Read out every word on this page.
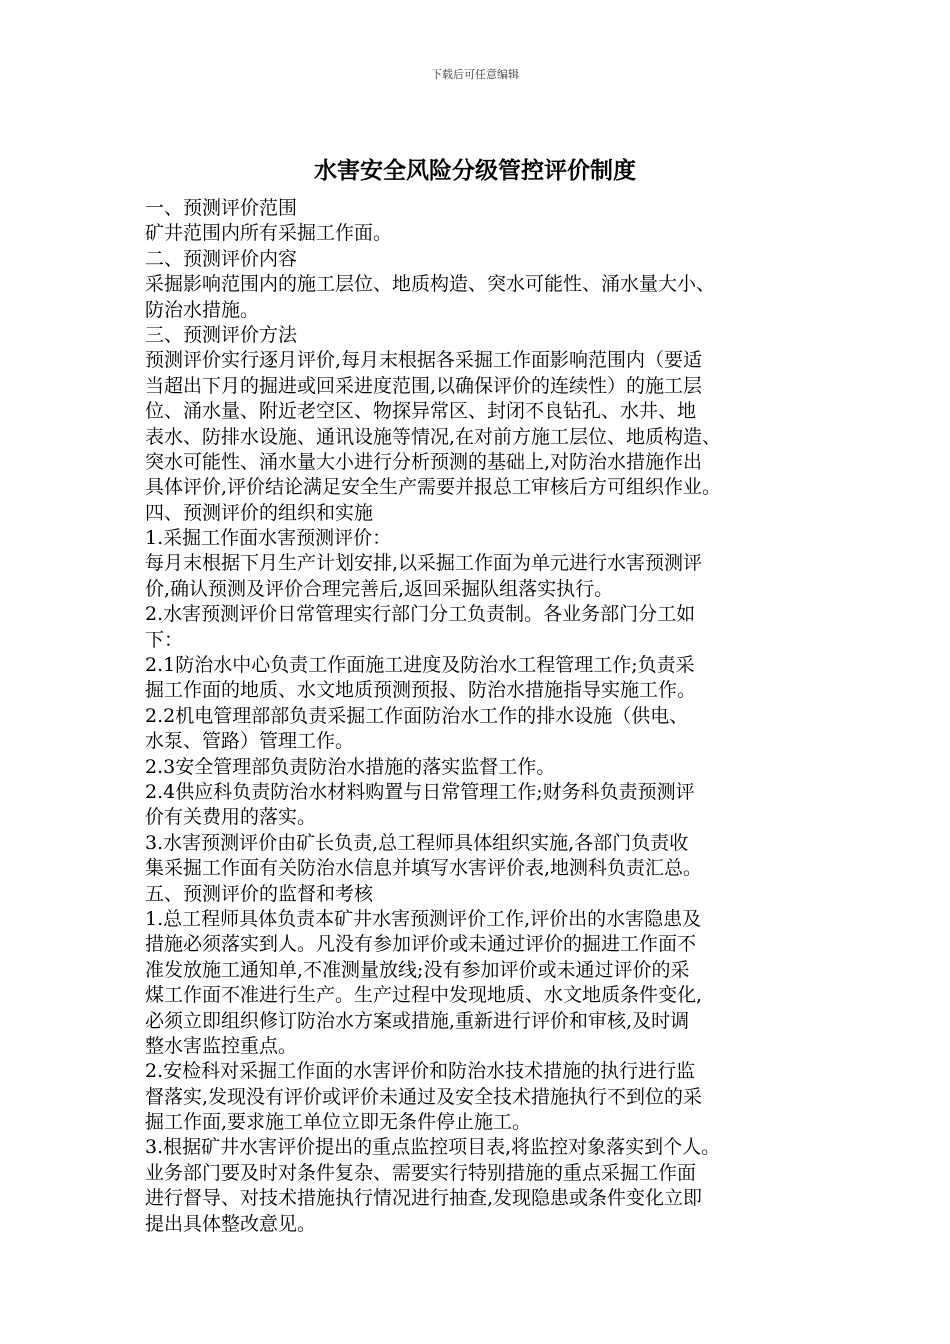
下载后可任意编辑
水害安全风险分级管控评价制度
一、预测评价范围
矿井范围内所有采掘工作面。
二、预测评价内容
采掘影响范围内的施工层位、地质构造、突水可能性、涌水量大小、
防治水措施。
三、预测评价方法
预测评价实行逐月评价,每月末根据各采掘工作面影响范围内（要适
当超出下月的掘进或回采进度范围,以确保评价的连续性）的施工层
位、涌水量、附近老空区、物探异常区、封闭不良钻孔、水井、地
表水、防排水设施、通讯设施等情况,在对前方施工层位、地质构造、
突水可能性、涌水量大小进行分析预测的基础上,对防治水措施作出
具体评价,评价结论满足安全生产需要并报总工审核后方可组织作业。
四、预测评价的组织和实施
1.采掘工作面水害预测评价：
每月末根据下月生产计划安排,以采掘工作面为单元进行水害预测评
价,确认预测及评价合理完善后,返回采掘队组落实执行。
2.水害预测评价日常管理实行部门分工负责制。各业务部门分工如
下：
2.1防治水中心负责工作面施工进度及防治水工程管理工作;负责采
掘工作面的地质、水文地质预测预报、防治水措施指导实施工作。
2.2机电管理部部负责采掘工作面防治水工作的排水设施（供电、
水泵、管路）管理工作。
2.3安全管理部负责防治水措施的落实监督工作。
2.4供应科负责防治水材料购置与日常管理工作;财务科负责预测评
价有关费用的落实。
3.水害预测评价由矿长负责,总工程师具体组织实施,各部门负责收
集采掘工作面有关防治水信息并填写水害评价表,地测科负责汇总。
五、预测评价的监督和考核
1.总工程师具体负责本矿井水害预测评价工作,评价出的水害隐患及
措施必须落实到人。凡没有参加评价或未通过评价的掘进工作面不
准发放施工通知单,不准测量放线;没有参加评价或未通过评价的采
煤工作面不准进行生产。生产过程中发现地质、水文地质条件变化,
必须立即组织修订防治水方案或措施,重新进行评价和审核,及时调
整水害监控重点。
2.安检科对采掘工作面的水害评价和防治水技术措施的执行进行监
督落实,发现没有评价或评价未通过及安全技术措施执行不到位的采
掘工作面,要求施工单位立即无条件停止施工。
3.根据矿井水害评价提出的重点监控项目表,将监控对象落实到个人。
业务部门要及时对条件复杂、需要实行特别措施的重点采掘工作面
进行督导、对技术措施执行情况进行抽查,发现隐患或条件变化立即
提出具体整改意见。
